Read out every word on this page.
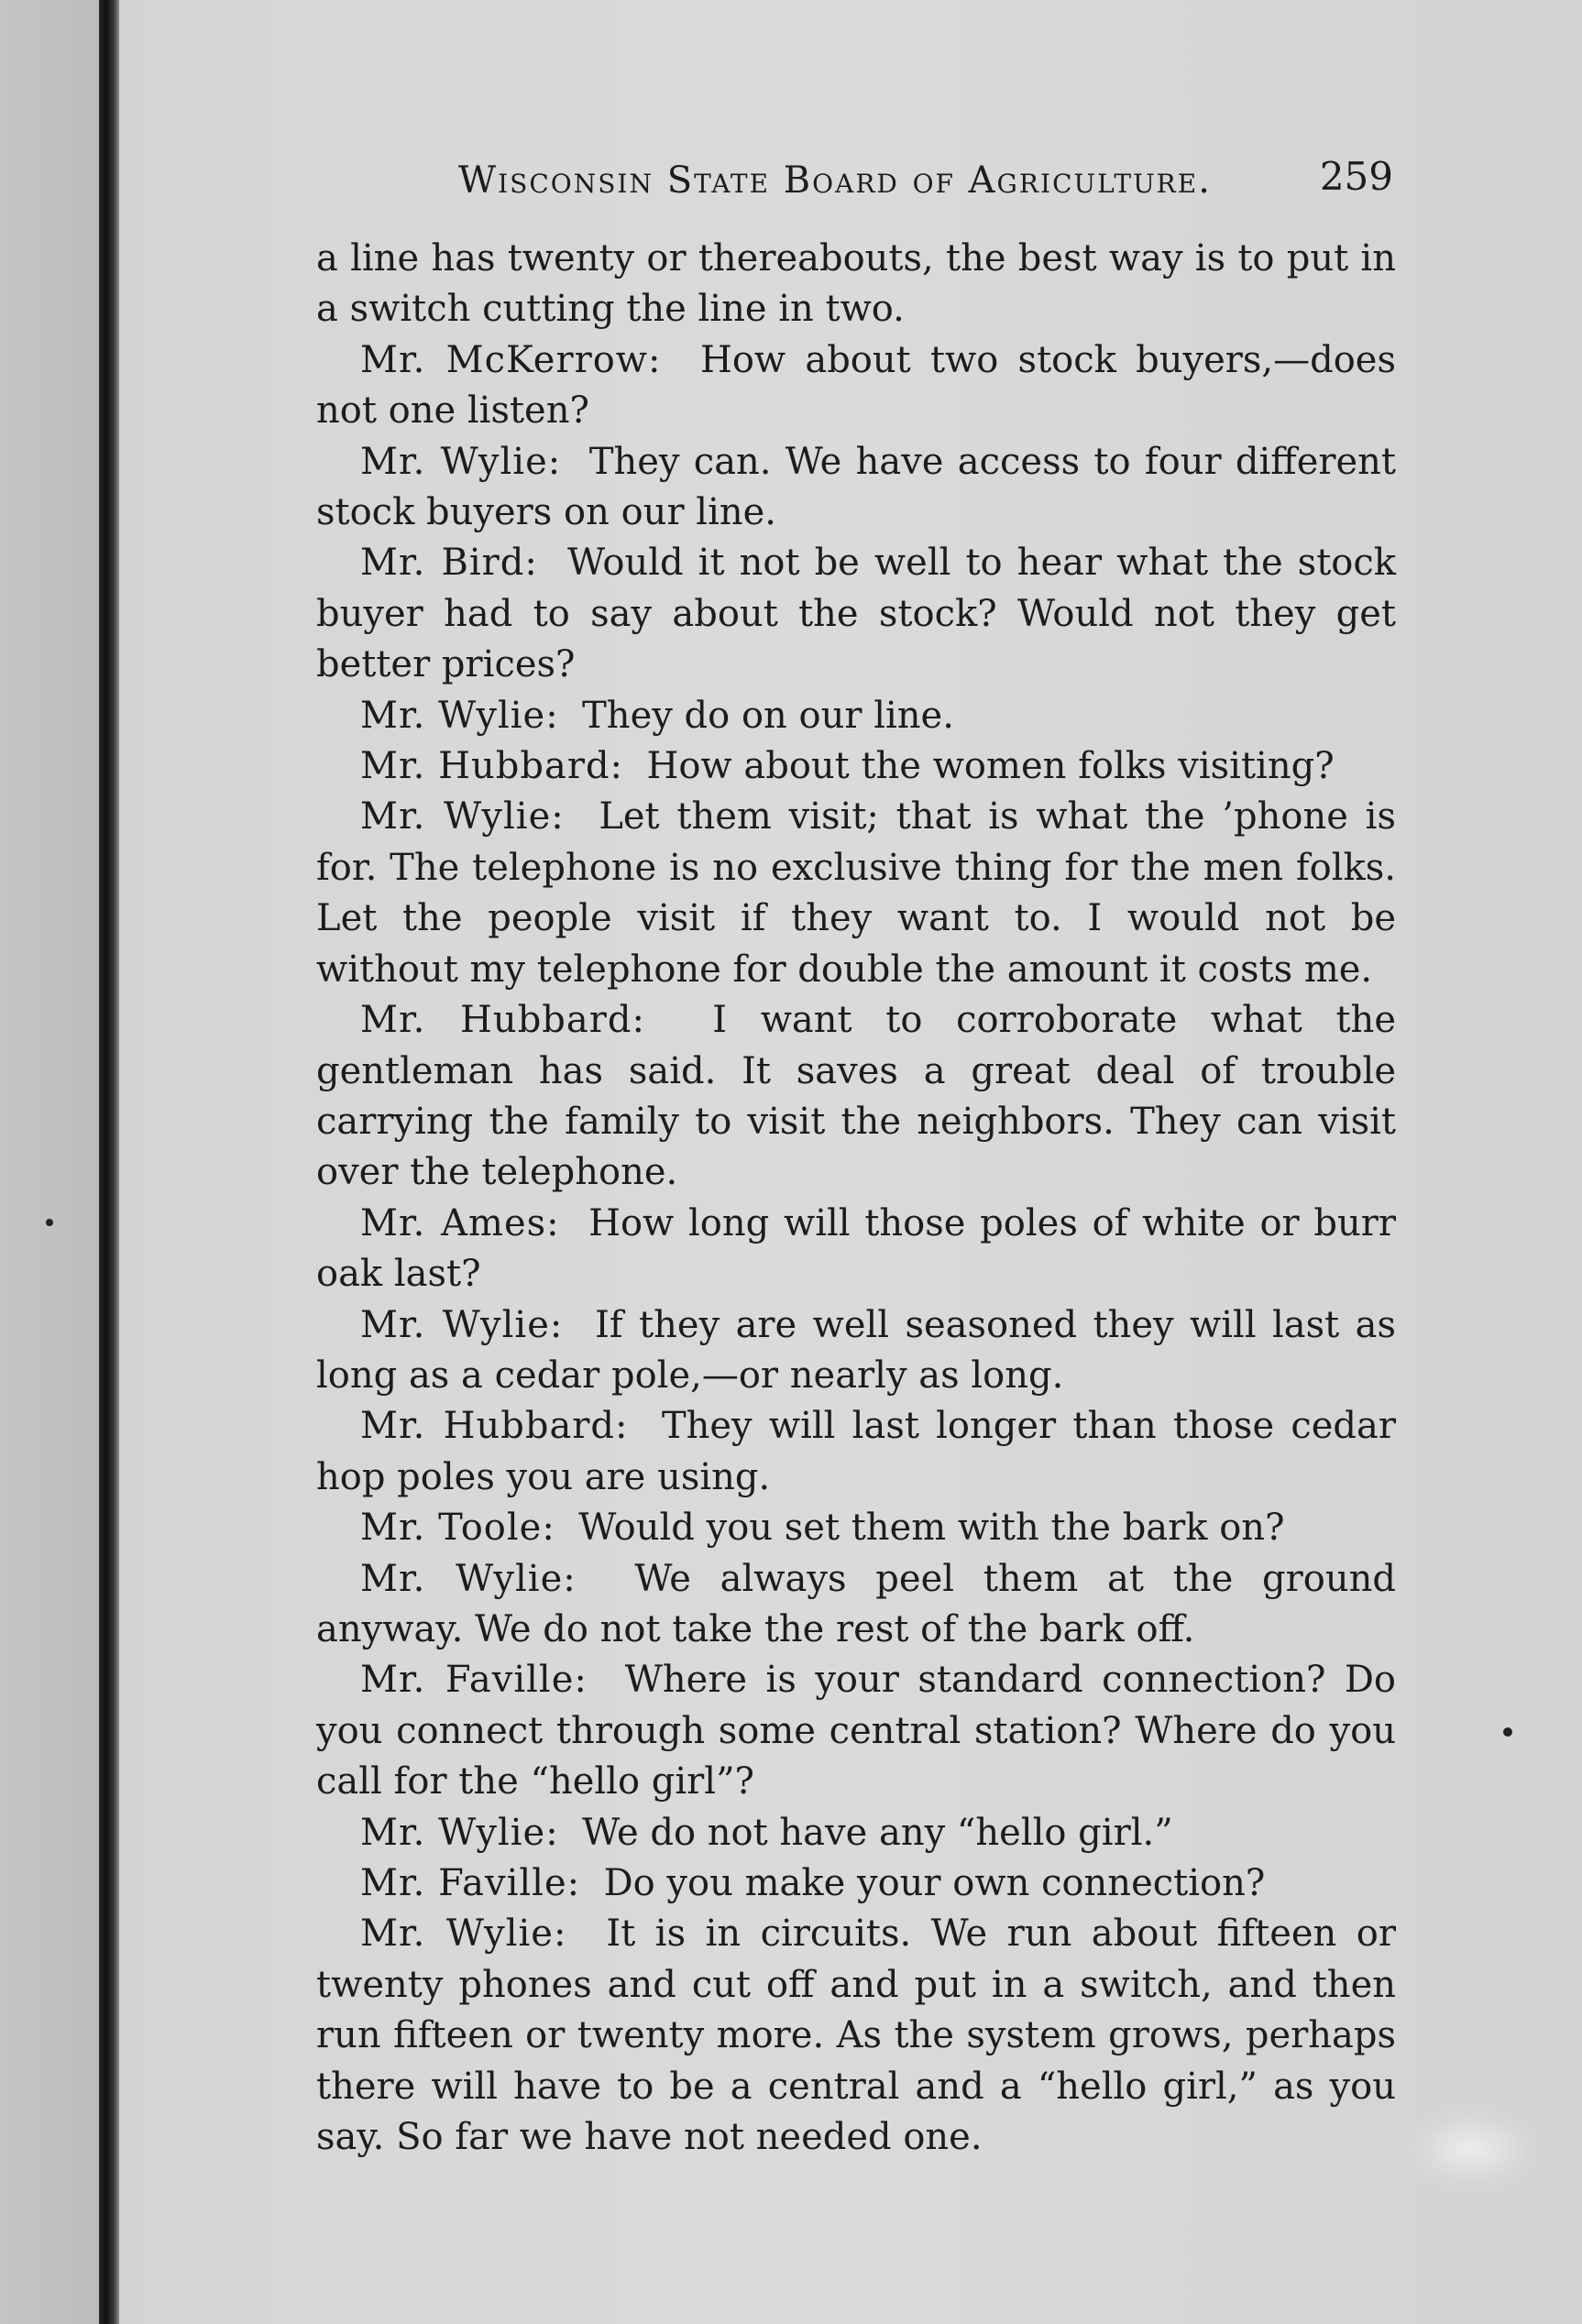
Wisconsin State Board of Agriculture.	259

a line has twenty or thereabouts, the best way is to put in a switch cutting the line in two.

Mr. McKerrow: How about two stock buyers,—does not one listen?

Mr. Wylie: They can. We have access to four different stock buyers on our line.

Mr. Bird: Would it not be well to hear what the stock buyer had to say about the stock? Would not they get better prices?

Mr. Wylie: They do on our line.

Mr. Hubbard: How about the women folks visiting?

Mr. Wylie: Let them visit; that is what the ’phone is for. The telephone is no exclusive thing for the men folks. Let the people visit if they want to. I would not be without my telephone for double the amount it costs me.

Mr. Hubbard: I want to corroborate what the gentleman has said. It saves a great deal of trouble carrying the family to visit the neighbors. They can visit over the telephone.

Mr. Ames: How long will those poles of white or burr oak last?

Mr. Wylie: If they are well seasoned they will last as long as a cedar pole,—or nearly as long.

Mr. Hubbard: They will last longer than those cedar hop poles you are using.

Mr. Toole: Would you set them with the bark on?

Mr. Wylie: We always peel them at the ground anyway. We do not take the rest of the bark off.

Mr. Faville: Where is your standard connection? Do you connect through some central station? Where do you call for the “hello girl”?

Mr. Wylie: We do not have any “hello girl.”

Mr. Faville: Do you make your own connection?

Mr. Wylie: It is in circuits. We run about fifteen or twenty phones and cut off and put in a switch, and then run fifteen or twenty more. As the system grows, perhaps there will have to be a central and a “hello girl,” as you say. So far we have not needed one.
